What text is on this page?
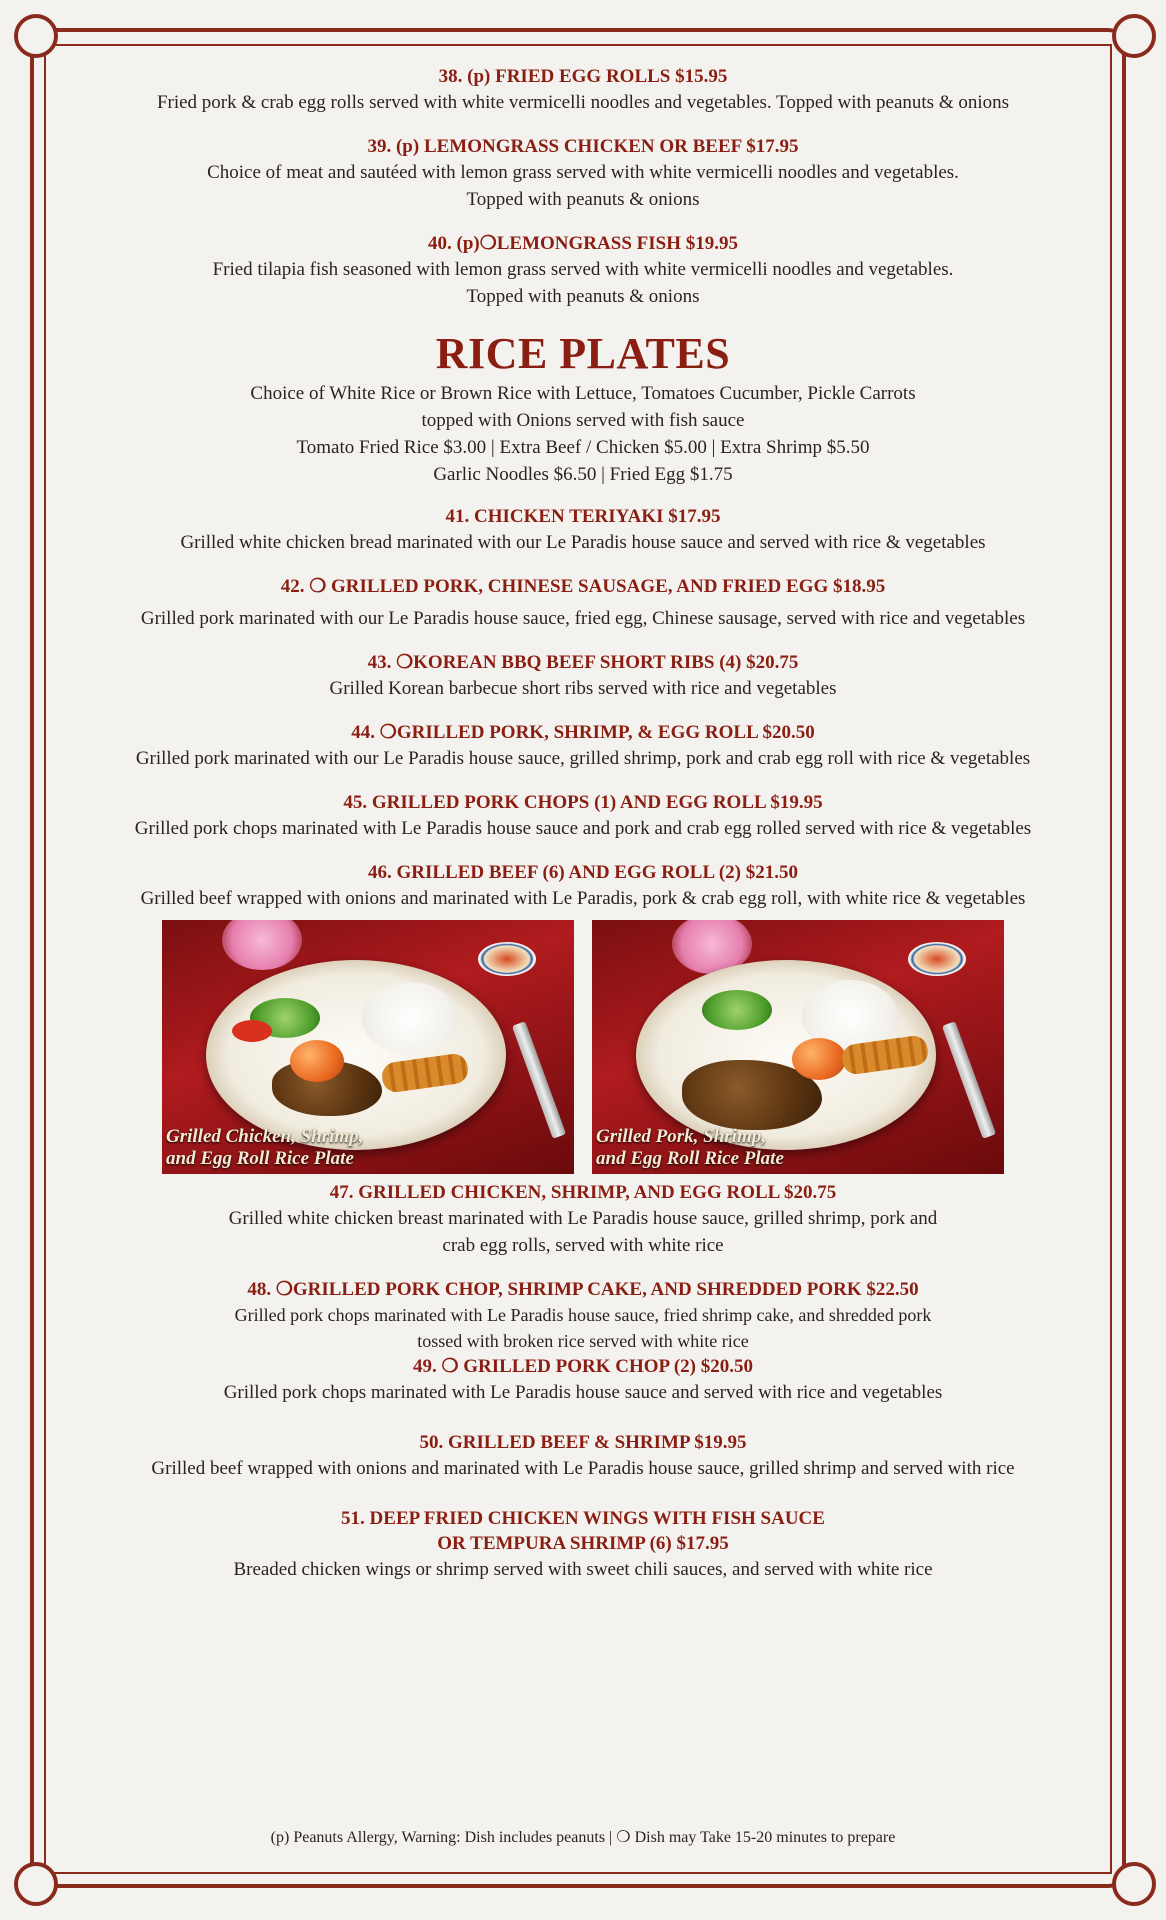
38. (p) FRIED EGG ROLLS $15.95
Fried pork & crab egg rolls served with white vermicelli noodles and vegetables. Topped with peanuts & onions
39. (p) LEMONGRASS CHICKEN OR BEEF $17.95
Choice of meat and sautéed with lemon grass served with white vermicelli noodles and vegetables.
Topped with peanuts & onions
40. (p)❍LEMONGRASS FISH $19.95
Fried tilapia fish seasoned with lemon grass served with white vermicelli noodles and vegetables.
Topped with peanuts & onions
RICE PLATES
Choice of White Rice or Brown Rice with Lettuce, Tomatoes Cucumber, Pickle Carrots
topped with Onions served with fish sauce
Tomato Fried Rice $3.00 | Extra Beef / Chicken $5.00 | Extra Shrimp $5.50
Garlic Noodles $6.50 | Fried Egg $1.75
41. CHICKEN TERIYAKI $17.95
Grilled white chicken bread marinated with our Le Paradis house sauce and served with rice & vegetables
42. ❍ GRILLED PORK, CHINESE SAUSAGE, AND FRIED EGG $18.95
Grilled pork marinated with our Le Paradis house sauce, fried egg, Chinese sausage, served with rice and vegetables
43. ❍KOREAN BBQ BEEF SHORT RIBS (4) $20.75
Grilled Korean barbecue short ribs served with rice and vegetables
44. ❍GRILLED PORK, SHRIMP, & EGG ROLL $20.50
Grilled pork marinated with our Le Paradis house sauce, grilled shrimp, pork and crab egg roll with rice & vegetables
45. GRILLED PORK CHOPS (1) AND EGG ROLL $19.95
Grilled pork chops marinated with Le Paradis house sauce and pork and crab egg rolled served with rice & vegetables
46. GRILLED BEEF (6) AND EGG ROLL (2) $21.50
Grilled beef wrapped with onions and marinated with Le Paradis, pork & crab egg roll, with white rice & vegetables
Grilled Chicken, Shrimp,
and Egg Roll Rice Plate
Grilled Pork, Shrimp,
and Egg Roll Rice Plate
47. GRILLED CHICKEN, SHRIMP, AND EGG ROLL $20.75
Grilled white chicken breast marinated with Le Paradis house sauce, grilled shrimp, pork and
crab egg rolls, served with white rice
48. ❍GRILLED PORK CHOP, SHRIMP CAKE, AND SHREDDED PORK $22.50
Grilled pork chops marinated with Le Paradis house sauce, fried shrimp cake, and shredded pork
tossed with broken rice served with white rice
49. ❍ GRILLED PORK CHOP (2) $20.50
Grilled pork chops marinated with Le Paradis house sauce and served with rice and vegetables
50. GRILLED BEEF & SHRIMP $19.95
Grilled beef wrapped with onions and marinated with Le Paradis house sauce, grilled shrimp and served with rice
51. DEEP FRIED CHICKEN WINGS WITH FISH SAUCE
OR TEMPURA SHRIMP (6) $17.95
Breaded chicken wings or shrimp served with sweet chili sauces, and served with white rice
(p) Peanuts Allergy, Warning: Dish includes peanuts | ❍ Dish may Take 15-20 minutes to prepare
